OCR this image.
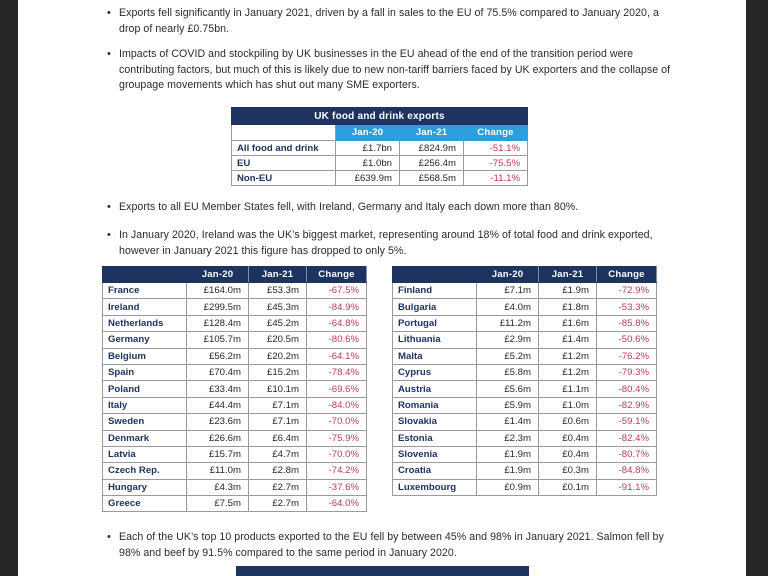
• Exports fell significantly in January 2021, driven by a fall in sales to the EU of 75.5% compared to January 2020, a drop of nearly £0.75bn.
• Impacts of COVID and stockpiling by UK businesses in the EU ahead of the end of the transition period were contributing factors, but much of this is likely due to new non-tariff barriers faced by UK exporters and the collapse of groupage movements which has shut out many SME exporters.
UK food and drink exports			
	Jan-20	Jan-21	Change
All food and drink	£1.7bn	£824.9m	-51.1%
EU	£1.0bn	£256.4m	-75.5%
Non-EU	£639.9m	£568.5m	-11.1%
• Exports to all EU Member States fell, with Ireland, Germany and Italy each down more than 80%.
• In January 2020, Ireland was the UK’s biggest market, representing around 18% of total food and drink exported, however in January 2021 this figure has dropped to only 5%.
	Jan-20	Jan-21	Change
France	£164.0m	£53.3m	-67.5%
Ireland	£299.5m	£45.3m	-84.9%
Netherlands	£128.4m	£45.2m	-64.8%
Germany	£105.7m	£20.5m	-80.6%
Belgium	£56.2m	£20.2m	-64.1%
Spain	£70.4m	£15.2m	-78.4%
Poland	£33.4m	£10.1m	-69.6%
Italy	£44.4m	£7.1m	-84.0%
Sweden	£23.6m	£7.1m	-70.0%
Denmark	£26.6m	£6.4m	-75.9%
Latvia	£15.7m	£4.7m	-70.0%
Czech Rep.	£11.0m	£2.8m	-74.2%
Hungary	£4.3m	£2.7m	-37.6%
Greece	£7.5m	£2.7m	-64.0%
	Jan-20	Jan-21	Change
Finland	£7.1m	£1.9m	-72.9%
Bulgaria	£4.0m	£1.8m	-53.3%
Portugal	£11.2m	£1.6m	-85.8%
Lithuania	£2.9m	£1.4m	-50.6%
Malta	£5.2m	£1.2m	-76.2%
Cyprus	£5.8m	£1.2m	-79.3%
Austria	£5.6m	£1.1m	-80.4%
Romania	£5.9m	£1.0m	-82.9%
Slovakia	£1.4m	£0.6m	-59.1%
Estonia	£2.3m	£0.4m	-82.4%
Slovenia	£1.9m	£0.4m	-80.7%
Croatia	£1.9m	£0.3m	-84.8%
Luxembourg	£0.9m	£0.1m	-91.1%
• Each of the UK’s top 10 products exported to the EU fell by between 45% and 98% in January 2021. Salmon fell by 98% and beef by 91.5% compared to the same period in January 2020.
